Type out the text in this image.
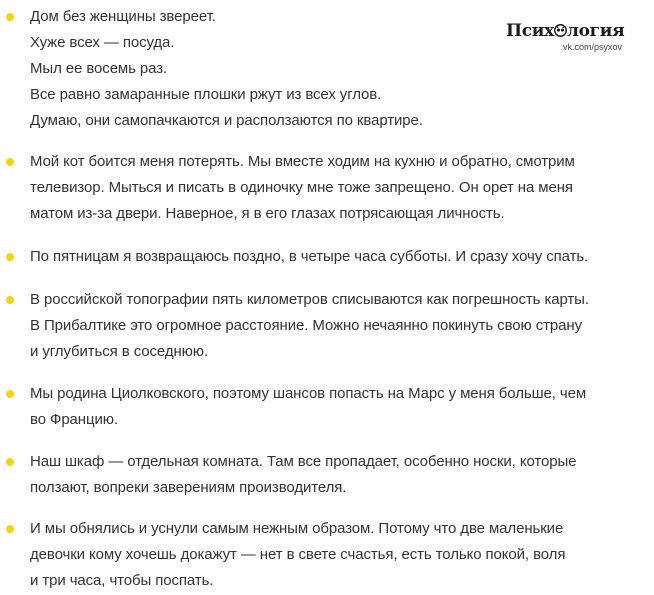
Псих логия
vk.com/psyxov
Дом без женщины звереет.
Хуже всех — посуда.
Мыл ее восемь раз.
Все равно замаранные плошки ржут из всех углов.
Думаю, они самопачкаются и расползаются по квартире.
Мой кот боится меня потерять. Мы вместе ходим на кухню и обратно, смотрим
телевизор. Мыться и писать в одиночку мне тоже запрещено. Он орет на меня
матом из-за двери. Наверное, я в его глазах потрясающая личность.
По пятницам я возвращаюсь поздно, в четыре часа субботы. И сразу хочу спать.
В российской топографии пять километров списываются как погрешность карты.
В Прибалтике это огромное расстояние. Можно нечаянно покинуть свою страну
и углубиться в соседнюю.
Мы родина Циолковского, поэтому шансов попасть на Марс у меня больше, чем
во Францию.
Наш шкаф — отдельная комната. Там все пропадает, особенно носки, которые
ползают, вопреки заверениям производителя.
И мы обнялись и уснули самым нежным образом. Потому что две маленькие
девочки кому хочешь докажут — нет в свете счастья, есть только покой, воля
и три часа, чтобы поспать.
